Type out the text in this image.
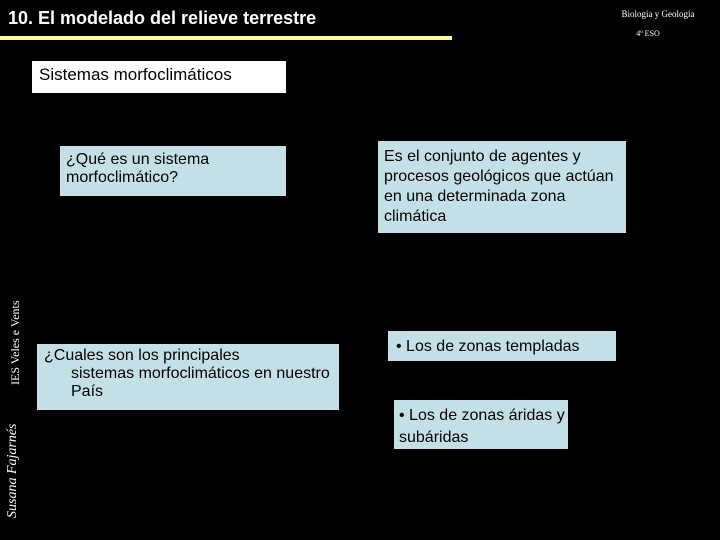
10. El modelado del relieve terrestre	Biología y Geología
4º ESO
IES Veles e Vents
Susana Fajarnés
Sistemas morfoclimáticos
¿Qué es un sistema morfoclimático?
Es el conjunto de agentes y procesos geológicos que actúan en una determinada zona climática
¿Cuales son los principales
sistemas morfoclimáticos en nuestro País
• Los de zonas templadas
• Los de zonas áridas y subáridas
